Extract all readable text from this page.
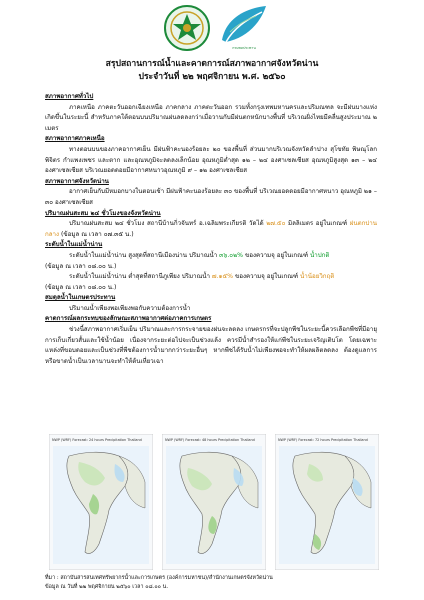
กรมชลประทาน
สรุปสถานการณ์น้ำและคาดการณ์สภาพอากาศจังหวัดน่าน
ประจำวันที่ ๒๒ พฤศจิกายน พ.ศ. ๒๕๖๐

สภาพอากาศทั่วไป

ภาคเหนือ ภาคตะวันออกเฉียงเหนือ ภาคกลาง ภาคตะวันออก รวมทั้งกรุงเทพมหานครและปริมณฑล จะมีฝนบางแห่งเกิดขึ้นในระยะนี้ สำหรับภาคใต้ตอนบนปริมาณฝนลดลงกว่าเมื่อวานกับมีฝนตกหนักบางพื้นที่ บริเวณฝั่งไทยมีคลื่นสูงประมาณ ๒ เมตร

สภาพอากาศภาคเหนือ

ทางตอนบนของภาคอากาศเย็น มีฝนฟ้าคะนองร้อยละ ๒๐ ของพื้นที่ ส่วนมากบริเวณจังหวัดลำปาง สุโขทัย พิษณุโลก พิจิตร กำแพงเพชร และตาก และอุณหภูมิจะลดลงเล็กน้อย อุณหภูมิต่ำสุด ๑๒ – ๒๔ องศาเซลเซียส อุณหภูมิสูงสุด ๑๓ – ๒๔ องศาเซลเซียส บริเวณยอดดอยมีอากาศหนาวอุณหภูมิ ๙ – ๑๒ องศาเซลเซียส

สภาพอากาศจังหวัดน่าน

อากาศเย็นกับมีหมอกบางในตอนเช้า มีฝนฟ้าคะนองร้อยละ ๓๐ ของพื้นที่ บริเวณยอดดอยมีอากาศหนาว อุณหภูมิ ๒๑ – ๓๐ องศาเซลเซียส

ปริมาณฝนสะสม ๒๔ ชั่วโมงของจังหวัดน่าน

ปริมาณฝนสะสม ๒๔ ชั่วโมง สถานีบ้านกิ่วจันทร์ อ.เฉลิมพระเกียรติ วัดได้ ๒๗.๕๐ มิลลิเมตร อยู่ในเกณฑ์ ฝนตกปานกลาง (ข้อมูล ณ เวลา ๐๗.๓๕ น.)

ระดับน้ำในแม่น้ำน่าน

ระดับน้ำในแม่น้ำน่าน สูงสุดที่สถานีเมืองน่าน ปริมาณน้ำ ๓๖.๐๒% ของความจุ อยู่ในเกณฑ์ น้ำปกติ

(ข้อมูล ณ เวลา ๐๘.๐๐ น.)

ระดับน้ำในแม่น้ำน่าน ต่ำสุดที่สถานีภูเพียง ปริมาณน้ำ ๗.๑๕% ของความจุ อยู่ในเกณฑ์ น้ำน้อยวิกฤติ

(ข้อมูล ณ เวลา ๐๘.๐๐ น.)

สมดุลน้ำในเกษตรประทาน

ปริมาณน้ำเพียงพอเพียงพอกับความต้องการน้ำ

คาดการณ์ผลกระทบของลักษณะสภาพอากาศต่อภาคการเกษตร

ช่วงนี้สภาพอากาศเริ่มเย็น ปริมาณและการกระจายของฝนจะลดลง เกษตรกรที่จะปลูกพืชในระยะนี้ควรเลือกพืชที่มีอายุการเก็บเกี่ยวสั้นและใช้น้ำน้อย เนื่องจากระยะต่อไปจะเป็นช่วงแล้ง ควรมีน้ำสำรองให้แก่พืชในระยะเจริญเติบโต โดยเฉพาะแหล่งที่ขอบดอยและเป็นช่วงที่พืชต้องการน้ำมากกว่าระยะอื่นๆ หากพืชได้รับน้ำไม่เพียงพอจะทำให้ผลผลิตลดลง ต้องดูแลการ หรือขาดน้ำเป็นเวลานานจะทำให้ต้นเหี่ยวเฉา

NWP (WRF) Forecast: 24 hours Precipitation Thailand	NWP (WRF) Forecast: 48 hours Precipitation Thailand	NWP (WRF) Forecast: 72 hours Precipitation Thailand
ที่มา : สถาบันสารสนเทศทรัพยากรน้ำและการเกษตร (องค์การมหาชน)/สำนักงานเกษตรจังหวัดน่าน
ข้อมูล ณ วันที่ ๒๒ พฤศจิกายน ๒๕๖๐ เวลา ๐๘.๐๐ น.
